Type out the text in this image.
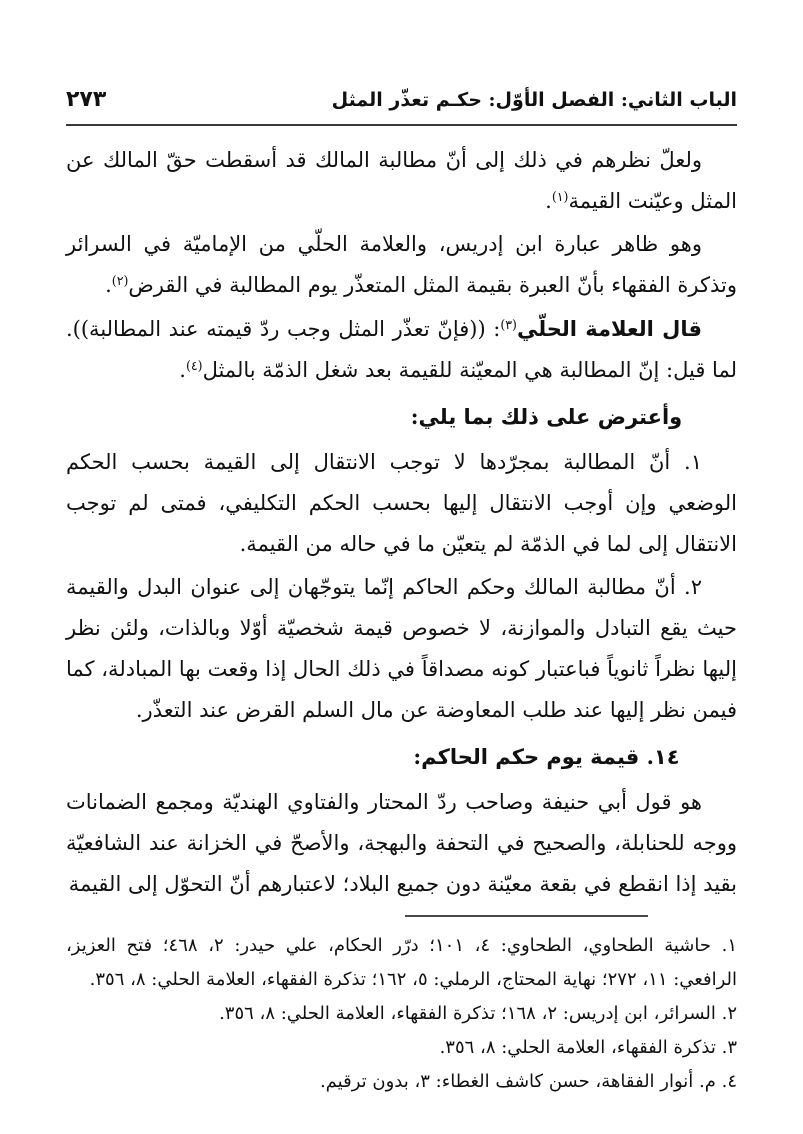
الباب الثاني: الفصل الأوّل: حكـم تعذّر المثل
٢٧٣

ولعلّ نظرهم في ذلك إلى أنّ مطالبة المالك قد أسقطت حقّ المالك عن المثل وعيّنت القيمة$^{(١)}$.

وهو ظاهر عبارة ابن إدريس، والعلامة الحلّي من الإماميّة في السرائر وتذكرة الفقهاء بأنّ العبرة بقيمة المثل المتعذّر يوم المطالبة في القرض$^{(٢)}$.

قال العلامة الحلّي$^{(٣)}$: ((فإنّ تعذّر المثل وجب ردّ قيمته عند المطالبة)). لما قيل: إنّ المطالبة هي المعيّنة للقيمة بعد شغل الذمّة بالمثل$^{(٤)}$.

وأعترض على ذلك بما يلي:

١. أنّ المطالبة بمجرّدها لا توجب الانتقال إلى القيمة بحسب الحكم الوضعي وإن أوجب الانتقال إليها بحسب الحكم التكليفي، فمتى لم توجب الانتقال إلى لما في الذمّة لم يتعيّن ما في حاله من القيمة.

٢. أنّ مطالبة المالك وحكم الحاكم إنّما يتوجّهان إلى عنوان البدل والقيمة حيث يقع التبادل والموازنة، لا خصوص قيمة شخصيّة أوّلا وبالذات، ولئن نظر إليها نظراً ثانوياً فباعتبار كونه مصداقاً في ذلك الحال إذا وقعت بها المبادلة، كما فيمن نظر إليها عند طلب المعاوضة عن مال السلم القرض عند التعذّر.

١٤. قيمة يوم حكم الحاكم:

هو قول أبي حنيفة وصاحب ردّ المحتار والفتاوي الهنديّة ومجمع الضمانات ووجه للحنابلة، والصحيح في التحفة والبهجة، والأصحّ في الخزانة عند الشافعيّة بقيد إذا انقطع في بقعة معيّنة دون جميع البلاد؛ لاعتبارهم أنّ التحوّل إلى القيمة

١. حاشية الطحاوي، الطحاوي: ٤، ١٠١؛ درّر الحكام، علي حيدر: ٢، ٤٦٨؛ فتح العزيز، الرافعي: ١١، ٢٧٢؛ نهاية المحتاج، الرملي: ٥، ١٦٢؛ تذكرة الفقهاء، العلامة الحلي: ٨، ٣٥٦.

٢. السرائر، ابن إدريس: ٢، ١٦٨؛ تذكرة الفقهاء، العلامة الحلي: ٨، ٣٥٦.

٣. تذكرة الفقهاء، العلامة الحلي: ٨، ٣٥٦.

٤. م. أنوار الفقاهة، حسن كاشف الغطاء: ٣، بدون ترقيم.
